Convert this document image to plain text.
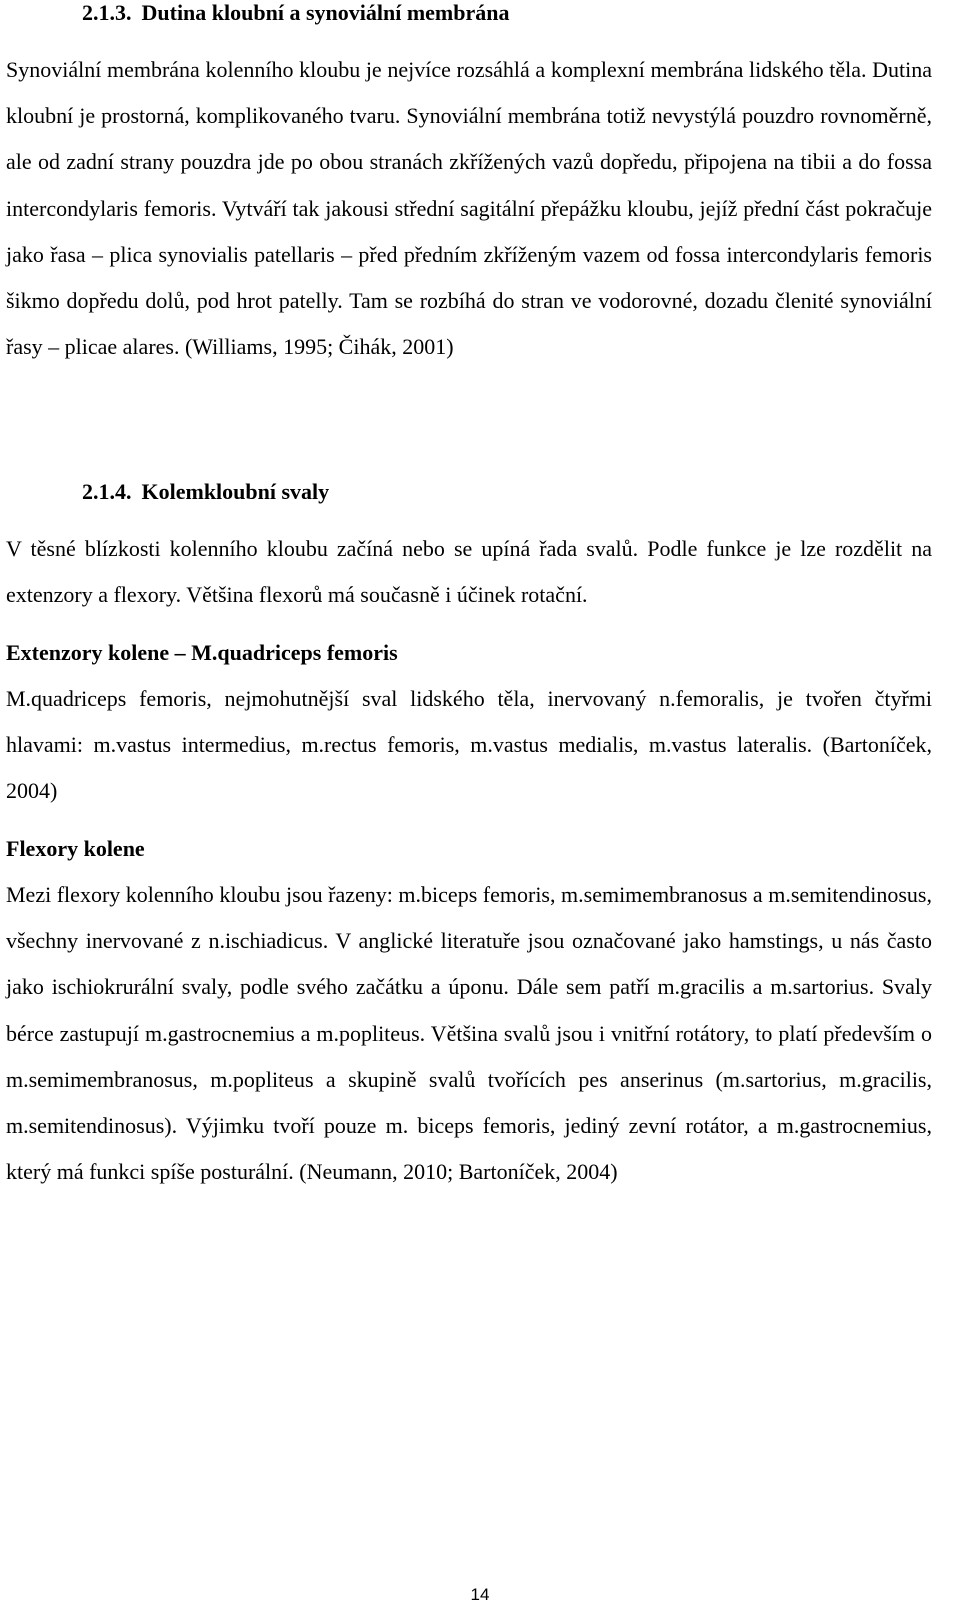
2.1.3. Dutina kloubní a synoviální membrána

Synoviální membrána kolenního kloubu je nejvíce rozsáhlá a komplexní membrána lidského těla. Dutina kloubní je prostorná, komplikovaného tvaru. Synoviální membrána totiž nevystýlá pouzdro rovnoměrně, ale od zadní strany pouzdra jde po obou stranách zkřížených vazů dopředu, připojena na tibii a do fossa intercondylaris femoris. Vytváří tak jakousi střední sagitální přepážku kloubu, jejíž přední část pokračuje jako řasa – plica synovialis patellaris – před předním zkříženým vazem od fossa intercondylaris femoris šikmo dopředu dolů, pod hrot patelly. Tam se rozbíhá do stran ve vodorovné, dozadu členité synoviální řasy – plicae alares. (Williams, 1995; Čihák, 2001)

2.1.4. Kolemkloubní svaly

V těsné blízkosti kolenního kloubu začíná nebo se upíná řada svalů. Podle funkce je lze rozdělit na extenzory a flexory. Většina flexorů má současně i účinek rotační.

Extenzory kolene – M.quadriceps femoris

M.quadriceps femoris, nejmohutnější sval lidského těla, inervovaný n.femoralis, je tvořen čtyřmi hlavami: m.vastus intermedius, m.rectus femoris, m.vastus medialis, m.vastus lateralis. (Bartoníček, 2004)

Flexory kolene

Mezi flexory kolenního kloubu jsou řazeny: m.biceps femoris, m.semimembranosus a m.semitendinosus, všechny inervované z n.ischiadicus. V anglické literatuře jsou označované jako hamstings, u nás často jako ischiokrurální svaly, podle svého začátku a úponu. Dále sem patří m.gracilis a m.sartorius. Svaly bérce zastupují m.gastrocnemius a m.popliteus. Většina svalů jsou i vnitřní rotátory, to platí především o m.semimembranosus, m.popliteus a skupině svalů tvořících pes anserinus (m.sartorius, m.gracilis, m.semitendinosus). Výjimku tvoří pouze m. biceps femoris, jediný zevní rotátor, a m.gastrocnemius, který má funkci spíše posturální. (Neumann, 2010; Bartoníček, 2004)

14
